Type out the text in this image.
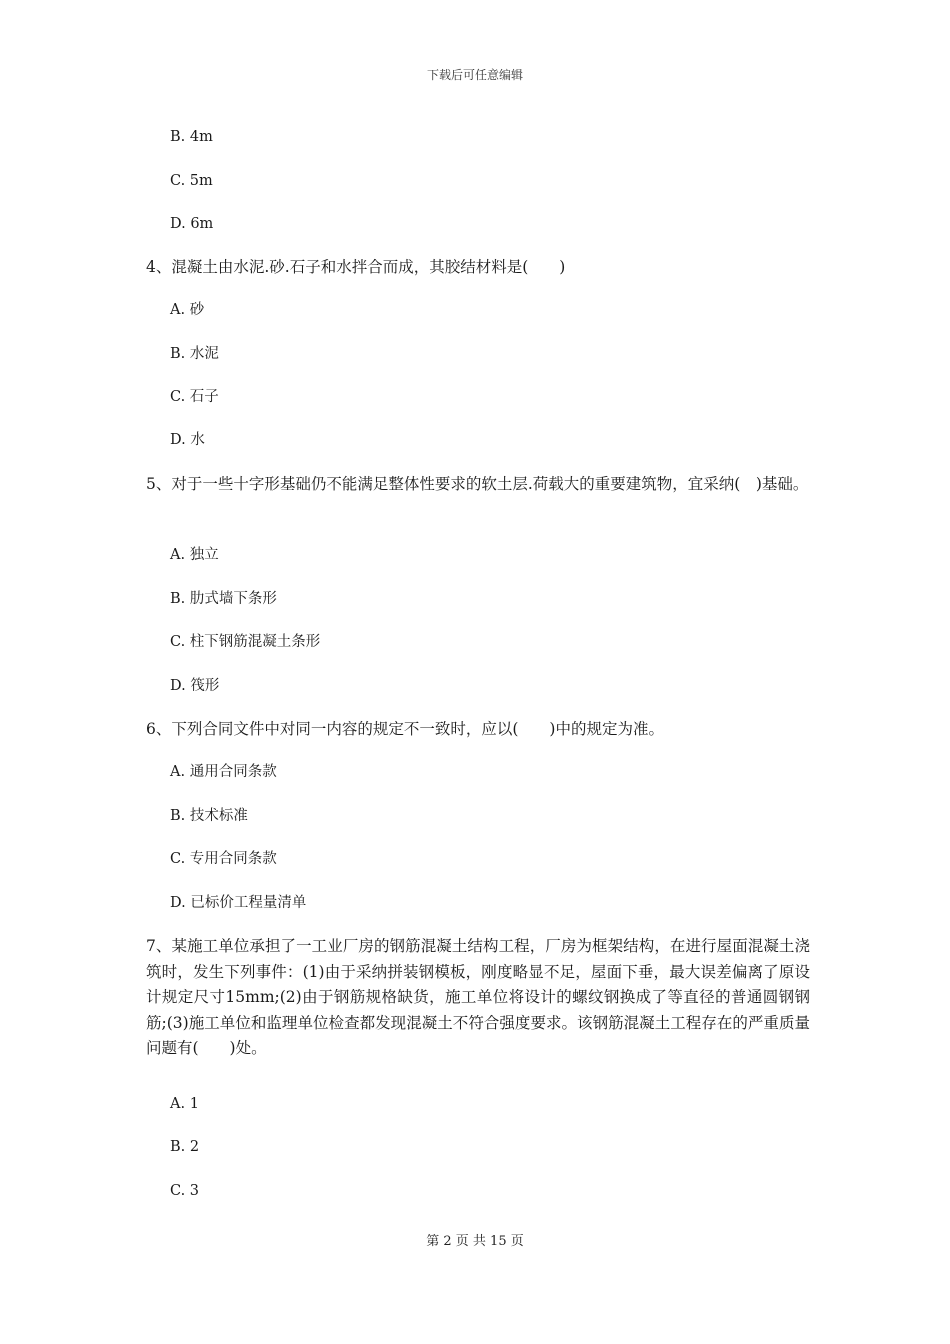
下载后可任意编辑
B. 4m
C. 5m
D. 6m
4、混凝土由水泥.砂.石子和水拌合而成，其胶结材料是(　　)
A. 砂
B. 水泥
C. 石子
D. 水
5、对于一些十字形基础仍不能满足整体性要求的软土层.荷载大的重要建筑物，宜采纳(　)基础。
A. 独立
B. 肋式墙下条形
C. 柱下钢筋混凝土条形
D. 筏形
6、下列合同文件中对同一内容的规定不一致时，应以(　　)中的规定为准。
A. 通用合同条款
B. 技术标准
C. 专用合同条款
D. 已标价工程量清单
7、某施工单位承担了一工业厂房的钢筋混凝土结构工程，厂房为框架结构，在进行屋面混凝土浇筑时，发生下列事件：(1)由于采纳拼装钢模板，刚度略显不足，屋面下垂，最大误差偏离了原设计规定尺寸15mm;(2)由于钢筋规格缺货，施工单位将设计的螺纹钢换成了等直径的普通圆钢钢筋;(3)施工单位和监理单位检查都发现混凝土不符合强度要求。该钢筋混凝土工程存在的严重质量问题有(　　)处。
A. 1
B. 2
C. 3
第 2 页 共 15 页
